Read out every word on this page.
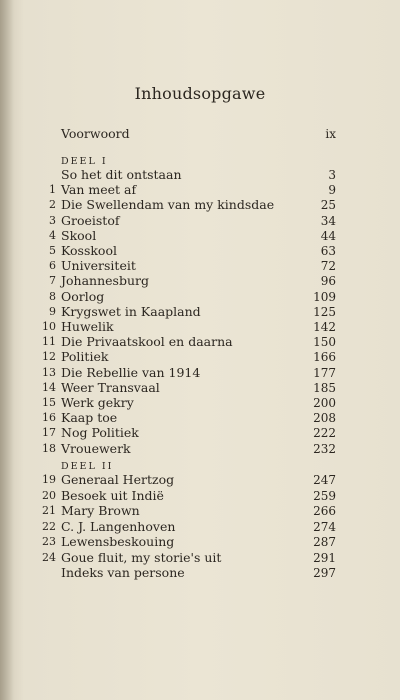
Inhoudsopgawe
Voorwoord	ix
DEEL I
So het dit ontstaan	3
1 Van meet af	9
2 Die Swellendam van my kindsdae	25
3 Groeistof	34
4 Skool	44
5 Kosskool	63
6 Universiteit	72
7 Johannesburg	96
8 Oorlog	109
9 Krygswet in Kaapland	125
10 Huwelik	142
11 Die Privaatskool en daarna	150
12 Politiek	166
13 Die Rebellie van 1914	177
14 Weer Transvaal	185
15 Werk gekry	200
16 Kaap toe	208
17 Nog Politiek	222
18 Vrouewerk	232
DEEL II
19 Generaal Hertzog	247
20 Besoek uit Indië	259
21 Mary Brown	266
22 C. J. Langenhoven	274
23 Lewensbeskouing	287
24 Goue fluit, my storie's uit	291
Indeks van persone	297
